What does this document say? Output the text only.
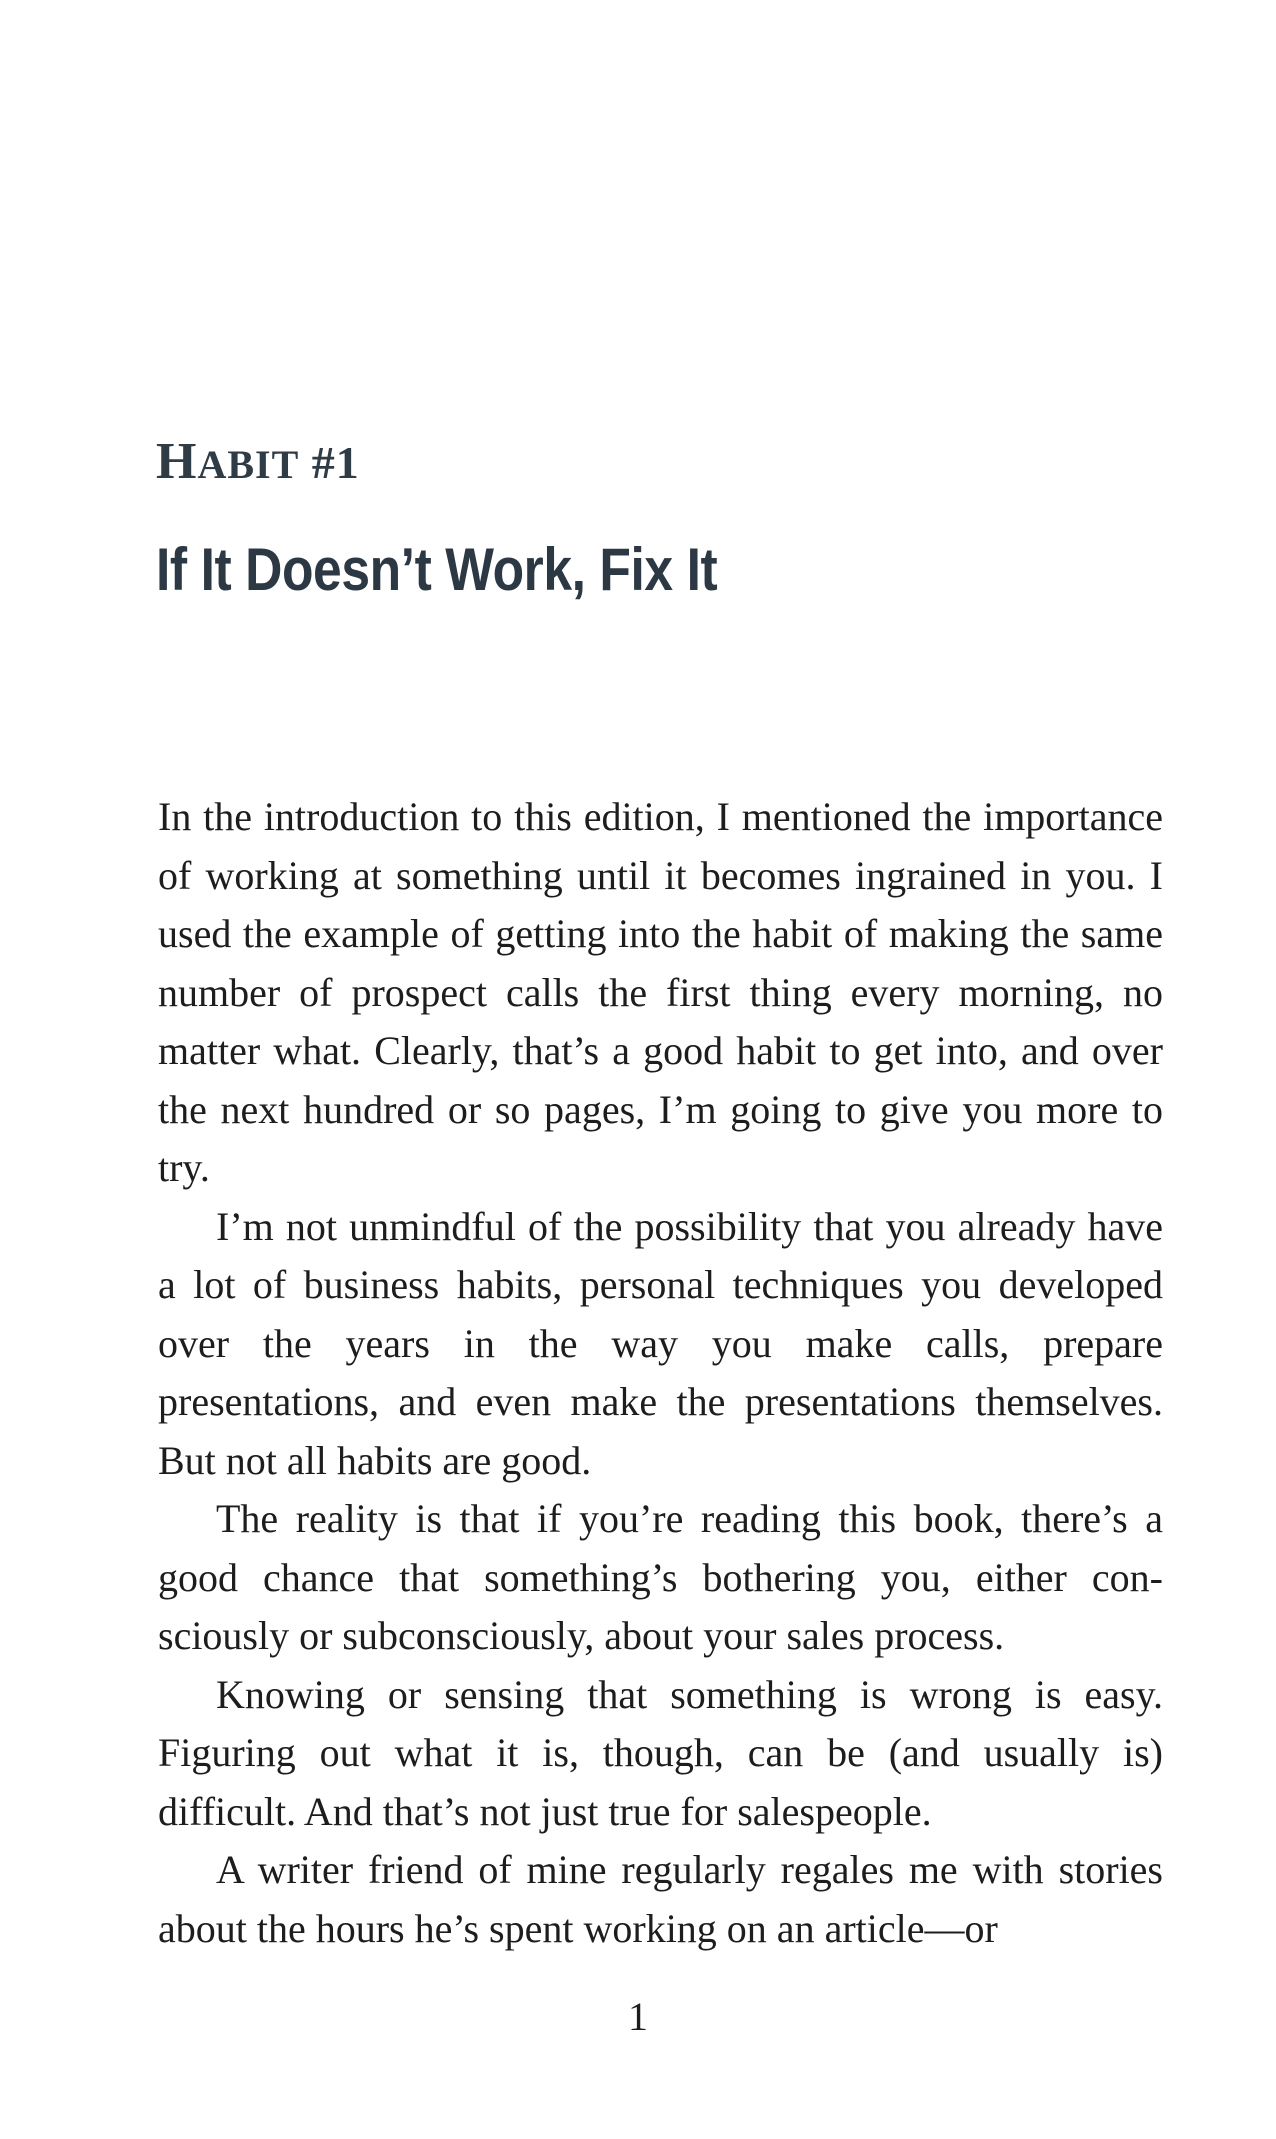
HABIT #1
If It Doesn’t Work, Fix It

In the introduction to this edition, I mentioned the importance of working at something until it becomes ingrained in you. I used the example of getting into the habit of making the same number of prospect calls the first thing every morning, no matter what. Clearly, that’s a good habit to get into, and over the next hundred or so pages, I’m going to give you more to try.

I’m not unmindful of the possibility that you already have a lot of business habits, personal techniques you developed over the years in the way you make calls, prepare presentations, and even make the presentations themselves. But not all habits are good.

The reality is that if you’re reading this book, there’s a good chance that something’s bothering you, either consciously or subconsciously, about your sales process.

Knowing or sensing that something is wrong is easy. Figuring out what it is, though, can be (and usually is) difficult. And that’s not just true for salespeople.

A writer friend of mine regularly regales me with stories about the hours he’s spent working on an article—or

1
